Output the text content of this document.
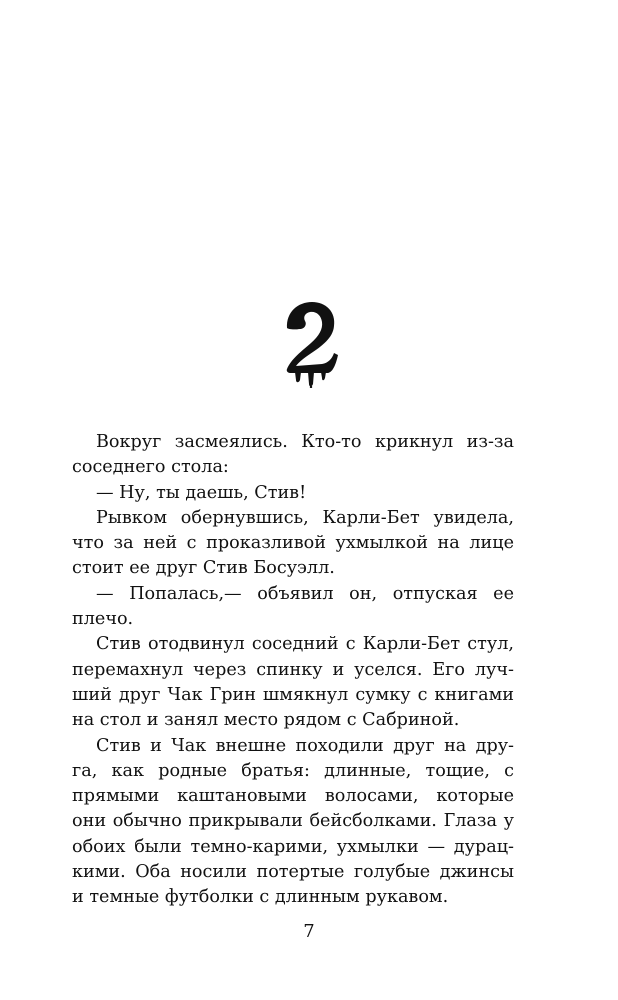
Вокруг засмеялись. Кто-то крикнул из-за
соседнего стола:
— Ну, ты даешь, Стив!
Рывком обернувшись, Карли-Бет увидела,
что за ней с проказливой ухмылкой на лице
стоит ее друг Стив Босуэлл.
— Попалась,— объявил он, отпуская ее
плечо.
Стив отодвинул соседний с Карли-Бет стул,
перемахнул через спинку и уселся. Его луч-
ший друг Чак Грин шмякнул сумку с книгами
на стол и занял место рядом с Сабриной.
Стив и Чак внешне походили друг на дру-
га, как родные братья: длинные, тощие, с
прямыми каштановыми волосами, которые
они обычно прикрывали бейсболками. Глаза у
обоих были темно-карими, ухмылки — дурац-
кими. Оба носили потертые голубые джинсы
и темные футболки с длинным рукавом.
7
